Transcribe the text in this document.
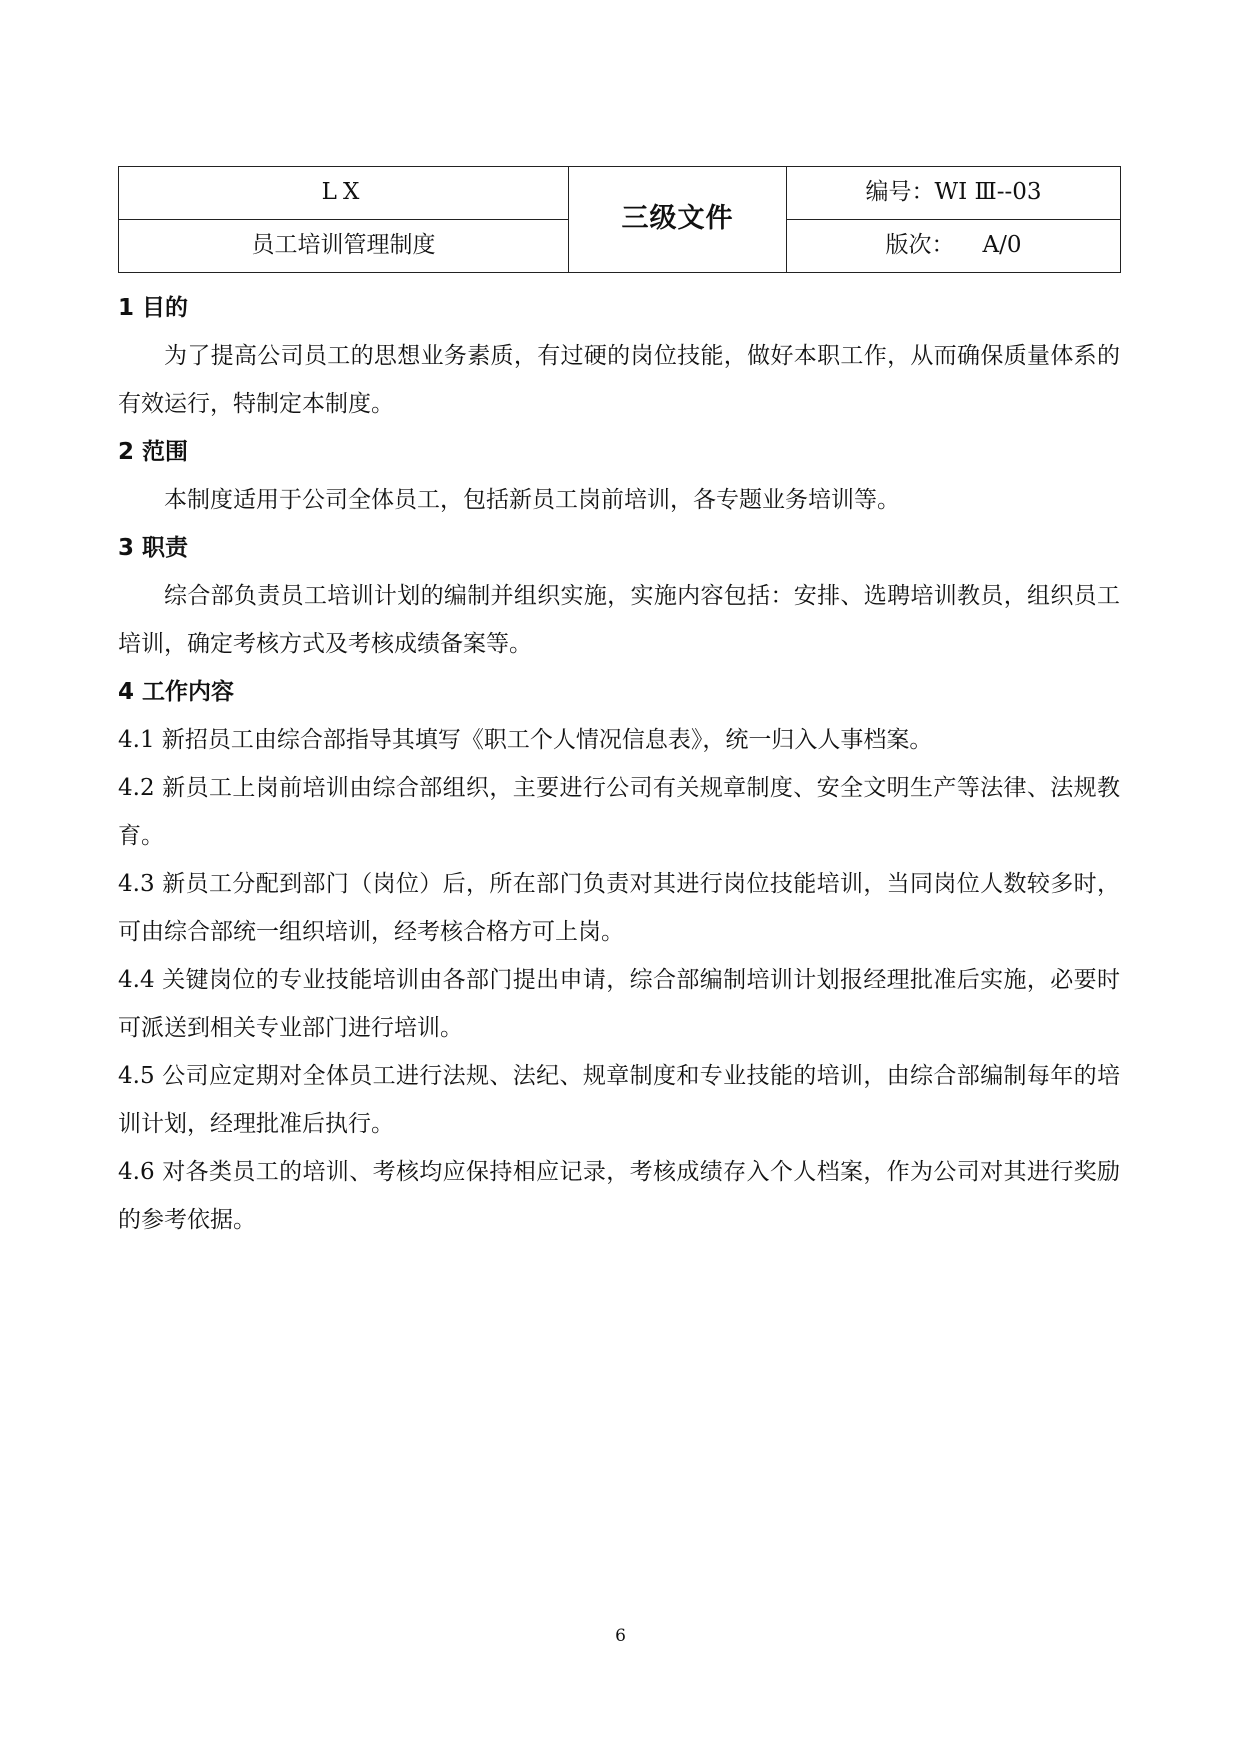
LX	三级文件	编号：WI Ⅲ--03
员工培训管理制度		版次： A/0
1 目的

为了提高公司员工的思想业务素质，有过硬的岗位技能，做好本职工作，从而确保质量体系的有效运行，特制定本制度。

2 范围

本制度适用于公司全体员工，包括新员工岗前培训，各专题业务培训等。

3 职责

综合部负责员工培训计划的编制并组织实施，实施内容包括：安排、选聘培训教员，组织员工培训，确定考核方式及考核成绩备案等。

4 工作内容

4.1 新招员工由综合部指导其填写《职工个人情况信息表》，统一归入人事档案。

4.2 新员工上岗前培训由综合部组织，主要进行公司有关规章制度、安全文明生产等法律、法规教育。

4.3 新员工分配到部门（岗位）后，所在部门负责对其进行岗位技能培训，当同岗位人数较多时，可由综合部统一组织培训，经考核合格方可上岗。

4.4 关键岗位的专业技能培训由各部门提出申请，综合部编制培训计划报经理批准后实施，必要时可派送到相关专业部门进行培训。

4.5 公司应定期对全体员工进行法规、法纪、规章制度和专业技能的培训，由综合部编制每年的培训计划，经理批准后执行。

4.6 对各类员工的培训、考核均应保持相应记录，考核成绩存入个人档案，作为公司对其进行奖励的参考依据。

6
